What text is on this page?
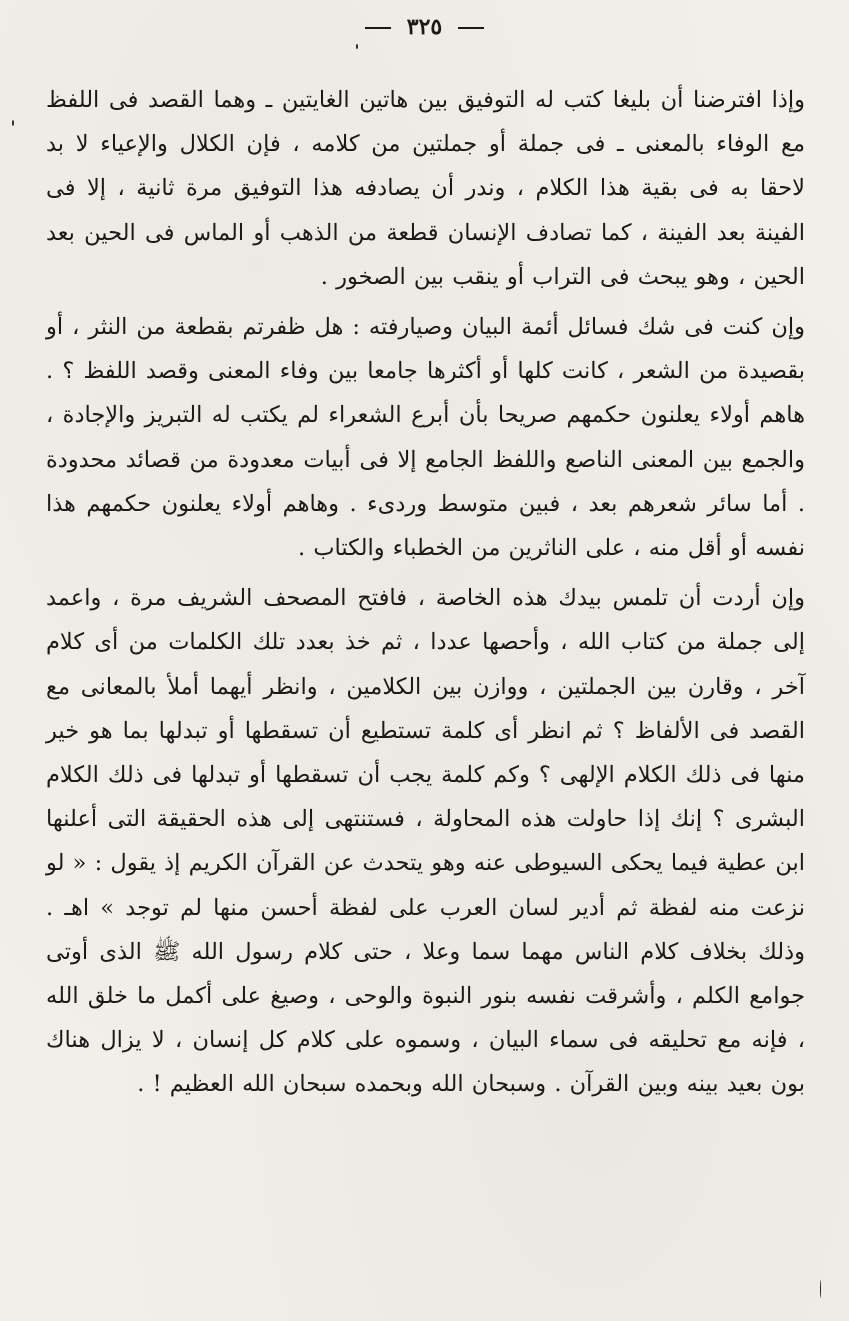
٣٢٥

وإذا افترضنا أن بليغا كتب له التوفيق بين هاتين الغايتين ـ وهما القصد فى اللفظ مع الوفاء بالمعنى ـ فى جملة أو جملتين من كلامه ، فإن الكلال والإعياء لا بد لاحقا به فى بقية هذا الكلام ، وندر أن يصادفه هذا التوفيق مرة ثانية ، إلا فى الفينة بعد الفينة ، كما تصادف الإنسان قطعة من الذهب أو الماس فى الحين بعد الحين ، وهو يبحث فى التراب أو ينقب بين الصخور .

وإن كنت فى شك فسائل أئمة البيان وصيارفته : هل ظفرتم بقطعة من النثر ، أو بقصيدة من الشعر ، كانت كلها أو أكثرها جامعا بين وفاء المعنى وقصد اللفظ ؟ . هاهم أولاء يعلنون حكمهم صريحا بأن أبرع الشعراء لم يكتب له التبريز والإجادة ، والجمع بين المعنى الناصع واللفظ الجامع إلا فى أبيات معدودة من قصائد محدودة . أما سائر شعرهم بعد ، فبين متوسط وردىء . وهاهم أولاء يعلنون حكمهم هذا نفسه أو أقل منه ، على الناثرين من الخطباء والكتاب .

وإن أردت أن تلمس بيدك هذه الخاصة ، فافتح المصحف الشريف مرة ، واعمد إلى جملة من كتاب الله ، وأحصها عددا ، ثم خذ بعدد تلك الكلمات من أى كلام آخر ، وقارن بين الجملتين ، ووازن بين الكلامين ، وانظر أيهما أملأ بالمعانى مع القصد فى الألفاظ ؟ ثم انظر أى كلمة تستطيع أن تسقطها أو تبدلها بما هو خير منها فى ذلك الكلام الإلهى ؟ وكم كلمة يجب أن تسقطها أو تبدلها فى ذلك الكلام البشرى ؟ إنك إذا حاولت هذه المحاولة ، فستنتهى إلى هذه الحقيقة التى أعلنها ابن عطية فيما يحكى السيوطى عنه وهو يتحدث عن القرآن الكريم إذ يقول : « لو نزعت منه لفظة ثم أدير لسان العرب على لفظة أحسن منها لم توجد » اهـ . وذلك بخلاف كلام الناس مهما سما وعلا ، حتى كلام رسول الله ﷺ الذى أوتى جوامع الكلم ، وأشرقت نفسه بنور النبوة والوحى ، وصيغ على أكمل ما خلق الله ، فإنه مع تحليقه فى سماء البيان ، وسموه على كلام كل إنسان ، لا يزال هناك بون بعيد بينه وبين القرآن . وسبحان الله وبحمده سبحان الله العظيم ! .
